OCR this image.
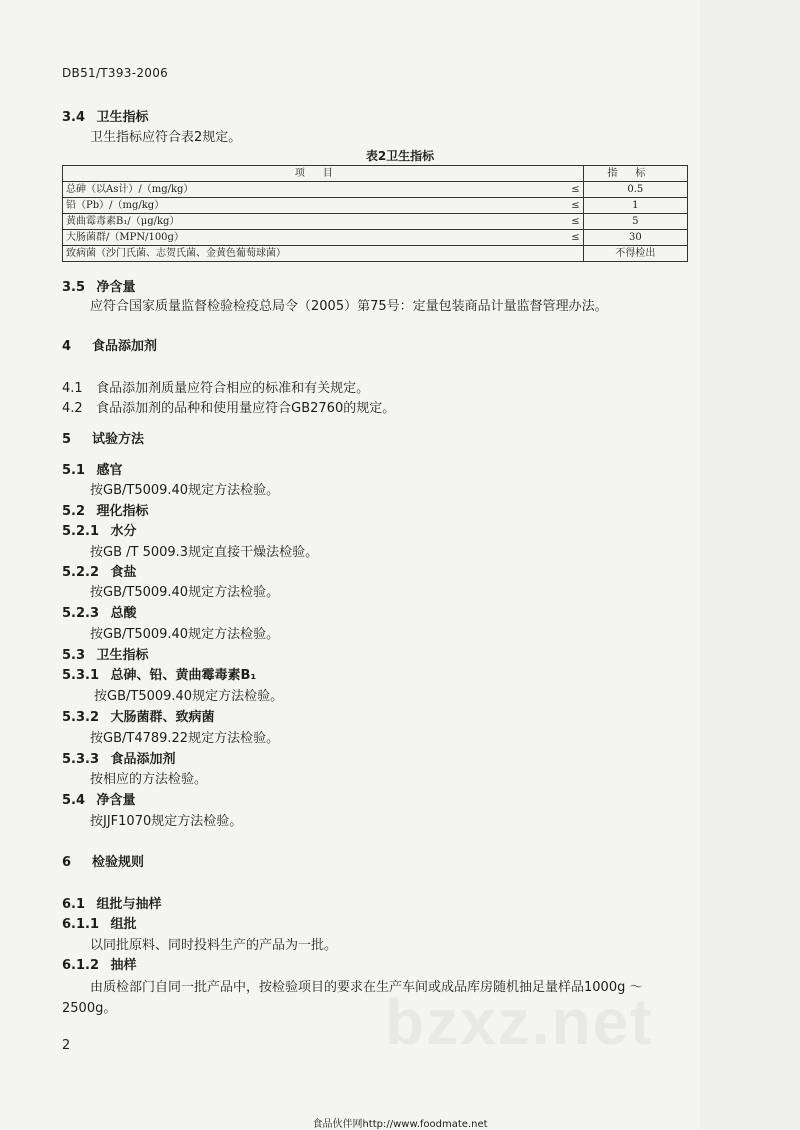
DB51/T393-2006
3.4 卫生指标
卫生指标应符合表2规定。
表2卫生指标
项目		指标
总砷（以As计）/（mg/kg）	≤	0.5
铅（Pb）/（mg/kg）	≤	1
黄曲霉毒素B₁/（μg/kg）	≤	5
大肠菌群/（MPN/100g）	≤	30
致病菌（沙门氏菌、志贺氏菌、金黄色葡萄球菌）		不得检出
3.5 净含量
应符合国家质量监督检验检疫总局令（2005）第75号：定量包装商品计量监督管理办法。
4 食品添加剂
4.1 食品添加剂质量应符合相应的标准和有关规定。
4.2 食品添加剂的品种和使用量应符合GB2760的规定。
5 试验方法
5.1 感官
按GB/T5009.40规定方法检验。
5.2 理化指标
5.2.1 水分
按GB /T 5009.3规定直接干燥法检验。
5.2.2 食盐
按GB/T5009.40规定方法检验。
5.2.3 总酸
按GB/T5009.40规定方法检验。
5.3 卫生指标
5.3.1 总砷、铅、黄曲霉毒素B₁
按GB/T5009.40规定方法检验。
5.3.2 大肠菌群、致病菌
按GB/T4789.22规定方法检验。
5.3.3 食品添加剂
按相应的方法检验。
5.4 净含量
按JJF1070规定方法检验。
6 检验规则
6.1 组批与抽样
6.1.1 组批
以同批原料、同时投料生产的产品为一批。
6.1.2 抽样
由质检部门自同一批产品中，按检验项目的要求在生产车间或成品库房随机抽足量样品1000g ～
2500g。	bzxz.net
2
食品伙伴网http://www.foodmate.net
